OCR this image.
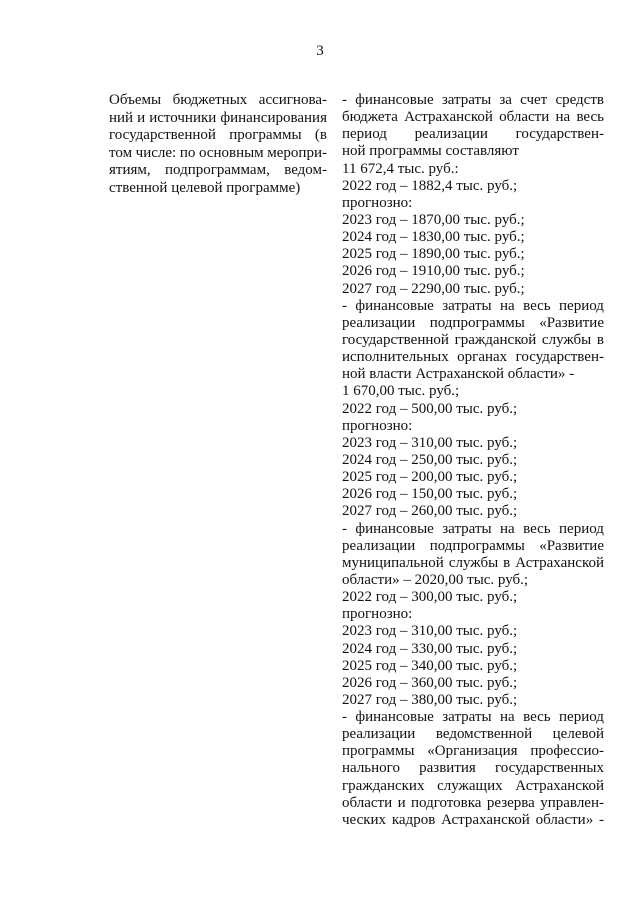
3
Объемы бюджетных ассигнова-
ний и источники финансирования
государственной программы (в
том числе: по основным меропри-
ятиям, подпрограммам, ведом-
ственной целевой программе)
- финансовые затраты за счет средств
бюджета Астраханской области на весь
период реализации государствен-
ной программы составляют
11 672,4 тыс. руб.:
2022 год – 1882,4 тыс. руб.;
прогнозно:
2023 год – 1870,00 тыс. руб.;
2024 год – 1830,00 тыс. руб.;
2025 год – 1890,00 тыс. руб.;
2026 год – 1910,00 тыс. руб.;
2027 год – 2290,00 тыс. руб.;
- финансовые затраты на весь период
реализации подпрограммы «Развитие
государственной гражданской службы в
исполнительных органах государствен-
ной власти Астраханской области» -
1 670,00 тыс. руб.;
2022 год – 500,00 тыс. руб.;
прогнозно:
2023 год – 310,00 тыс. руб.;
2024 год – 250,00 тыс. руб.;
2025 год – 200,00 тыс. руб.;
2026 год – 150,00 тыс. руб.;
2027 год – 260,00 тыс. руб.;
- финансовые затраты на весь период
реализации подпрограммы «Развитие
муниципальной службы в Астраханской
области» – 2020,00 тыс. руб.;
2022 год – 300,00 тыс. руб.;
прогнозно:
2023 год – 310,00 тыс. руб.;
2024 год – 330,00 тыс. руб.;
2025 год – 340,00 тыс. руб.;
2026 год – 360,00 тыс. руб.;
2027 год – 380,00 тыс. руб.;
- финансовые затраты на весь период
реализации ведомственной целевой
программы «Организация профессио-
нального развития государственных
гражданских служащих Астраханской
области и подготовка резерва управлен-
ческих кадров Астраханской области» -
